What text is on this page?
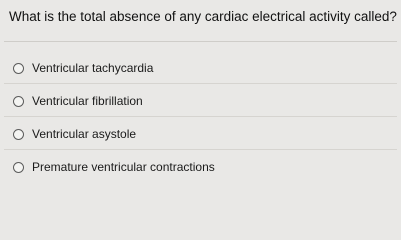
What is the total absence of any cardiac electrical activity called?
Ventricular tachycardia
Ventricular fibrillation
Ventricular asystole
Premature ventricular contractions
